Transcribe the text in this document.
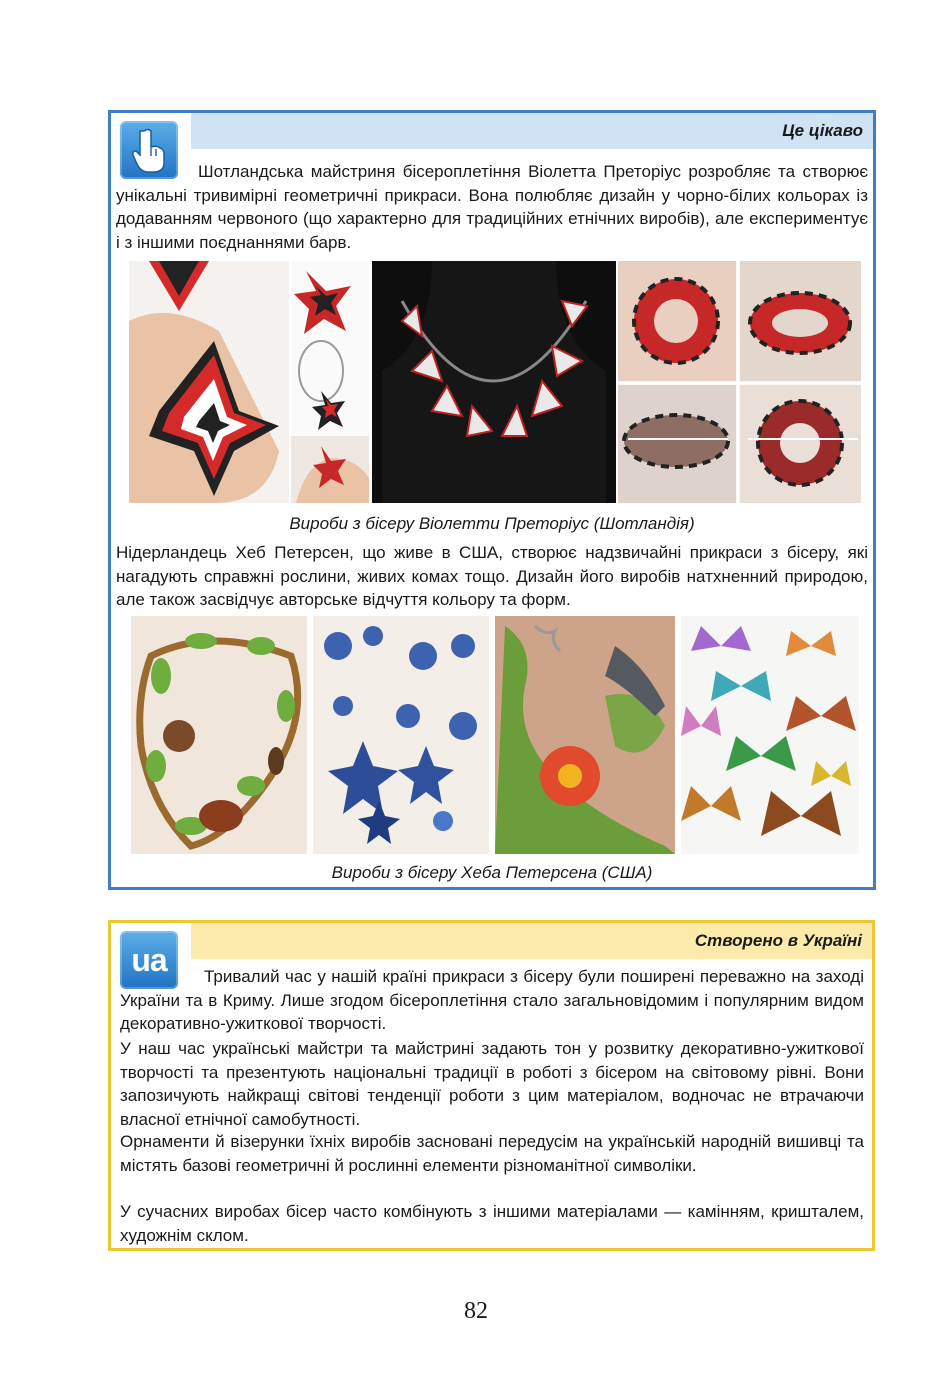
Це цікаво

Шотландська майстриня бісероплетіння Віолетта Преторіус розробляє та створює унікальні тривимірні геометричні прикраси. Вона полюбляє дизайн у чорно-білих кольорах із додаванням червоного (що характерно для традиційних етнічних виробів), але експериментує і з іншими поєднаннями барв.

Вироби з бісеру Віолетти Преторіус (Шотландія)

Нідерландець Хеб Петерсен, що живе в США, створює надзвичайні прикраси з бісеру, які нагадують справжні рослини, живих комах тощо. Дизайн його виробів натхненний природою, але також засвідчує авторське відчуття кольору та форм.

Вироби з бісеру Хеба Петерсена (США)
Створено в Україні
ua	Тривалий час у нашій країні прикраси з бісеру були поширені переважно на заході України та в Криму. Лише згодом бісероплетіння стало загальновідомим і популярним видом декоративно-ужиткової творчості.

У наш час українські майстри та майстрині задають тон у розвитку декоративно-ужиткової творчості та презентують національні традиції в роботі з бісером на світовому рівні. Вони запозичують найкращі світові тенденції роботи з цим матеріалом, водночас не втрачаючи власної етнічної самобутності.

Орнаменти й візерунки їхніх виробів засновані передусім на українській народній вишивці та містять базові геометричні й рослинні елементи різноманітної символіки.

У сучасних виробах бісер часто комбінують з іншими матеріалами — камінням, кришталем, художнім склом.

82
